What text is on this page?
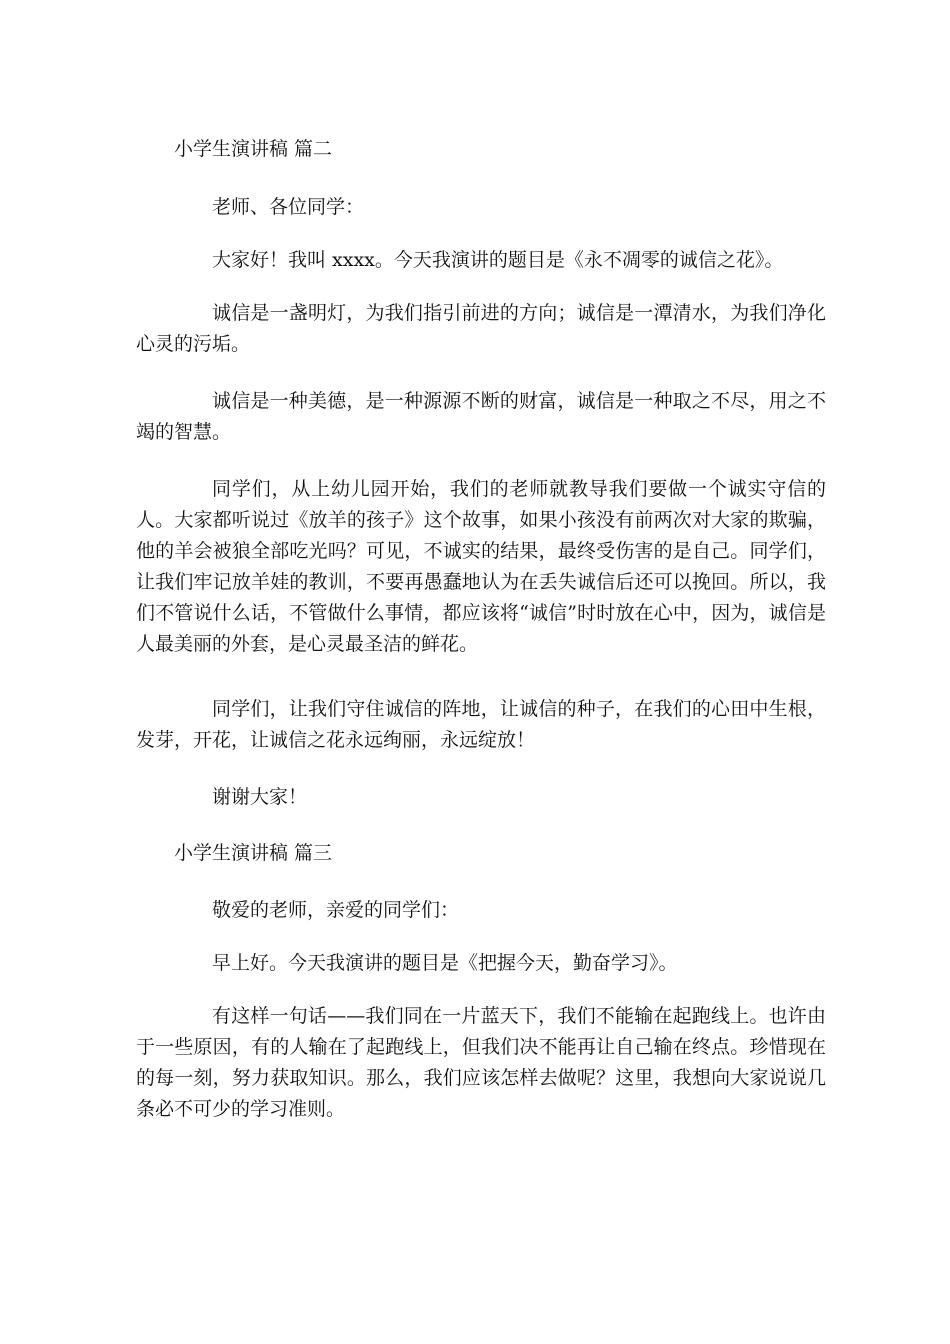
小学生演讲稿 篇二

老师、各位同学：

大家好！我叫 xxxx。今天我演讲的题目是《永不凋零的诚信之花》。

诚信是一盏明灯，为我们指引前进的方向；诚信是一潭清水，为我们净化心灵的污垢。

诚信是一种美德，是一种源源不断的财富，诚信是一种取之不尽，用之不竭的智慧。

同学们，从上幼儿园开始，我们的老师就教导我们要做一个诚实守信的人。大家都听说过《放羊的孩子》这个故事，如果小孩没有前两次对大家的欺骗，他的羊会被狼全部吃光吗？可见，不诚实的结果，最终受伤害的是自己。同学们，让我们牢记放羊娃的教训，不要再愚蠢地认为在丢失诚信后还可以挽回。所以，我们不管说什么话，不管做什么事情，都应该将“诚信”时时放在心中，因为，诚信是人最美丽的外套，是心灵最圣洁的鲜花。

同学们，让我们守住诚信的阵地，让诚信的种子，在我们的心田中生根，发芽，开花，让诚信之花永远绚丽，永远绽放！

谢谢大家！

小学生演讲稿 篇三

敬爱的老师，亲爱的同学们：

早上好。今天我演讲的题目是《把握今天，勤奋学习》。

有这样一句话——我们同在一片蓝天下，我们不能输在起跑线上。也许由于一些原因，有的人输在了起跑线上，但我们决不能再让自己输在终点。珍惜现在的每一刻，努力获取知识。那么，我们应该怎样去做呢？这里，我想向大家说说几条必不可少的学习准则。
